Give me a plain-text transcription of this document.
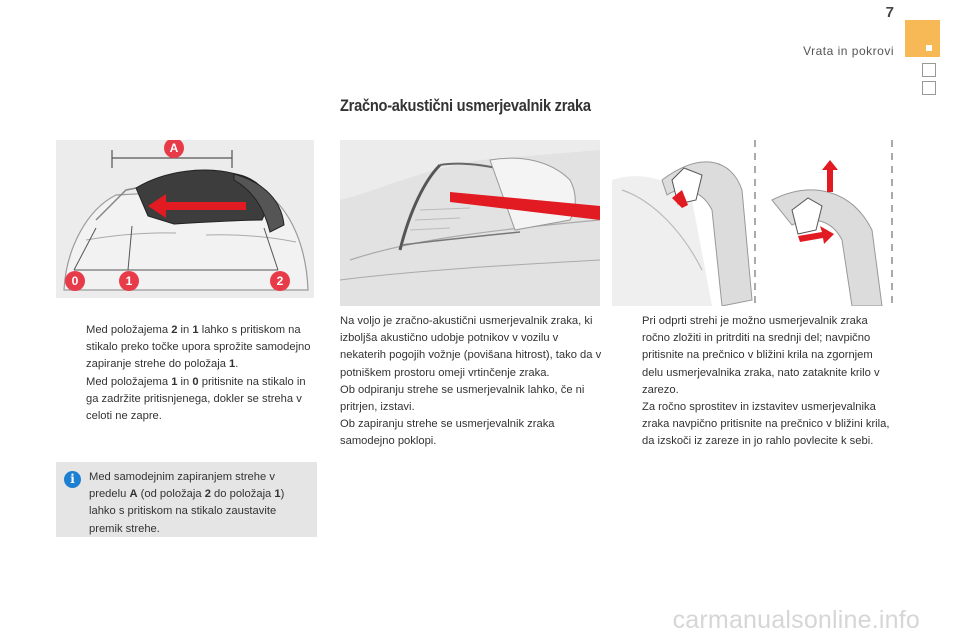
7
Vrata in pokrovi
Zračno-akustični usmerjevalnik zraka
A
0	1	2

Med položajema 2 in 1 lahko s pritiskom na stikalo preko točke upora sprožite samodejno zapiranje strehe do položaja 1.

Med položajema 1 in 0 pritisnite na stikalo in ga zadržite pritisnjenega, dokler se streha v celoti ne zapre.

i	Med samodejnim zapiranjem strehe v predelu A (od položaja 2 do položaja 1) lahko s pritiskom na stikalo zaustavite premik strehe.

Na voljo je zračno-akustični usmerjevalnik zraka, ki izboljša akustično udobje potnikov v vozilu v nekaterih pogojih vožnje (povišana hitrost), tako da v potniškem prostoru omeji vrtinčenje zraka.

Ob odpiranju strehe se usmerjevalnik lahko, če ni pritrjen, izstavi.

Ob zapiranju strehe se usmerjevalnik zraka samodejno poklopi.

Pri odprti strehi je možno usmerjevalnik zraka ročno zložiti in pritrditi na srednji del; navpično pritisnite na prečnico v bližini krila na zgornjem delu usmerjevalnika zraka, nato zataknite krilo v zarezo.

Za ročno sprostitev in izstavitev usmerjevalnika zraka navpično pritisnite na prečnico v bližini krila, da izskoči iz zareze in jo rahlo povlecite k sebi.

carmanualsonline.info
